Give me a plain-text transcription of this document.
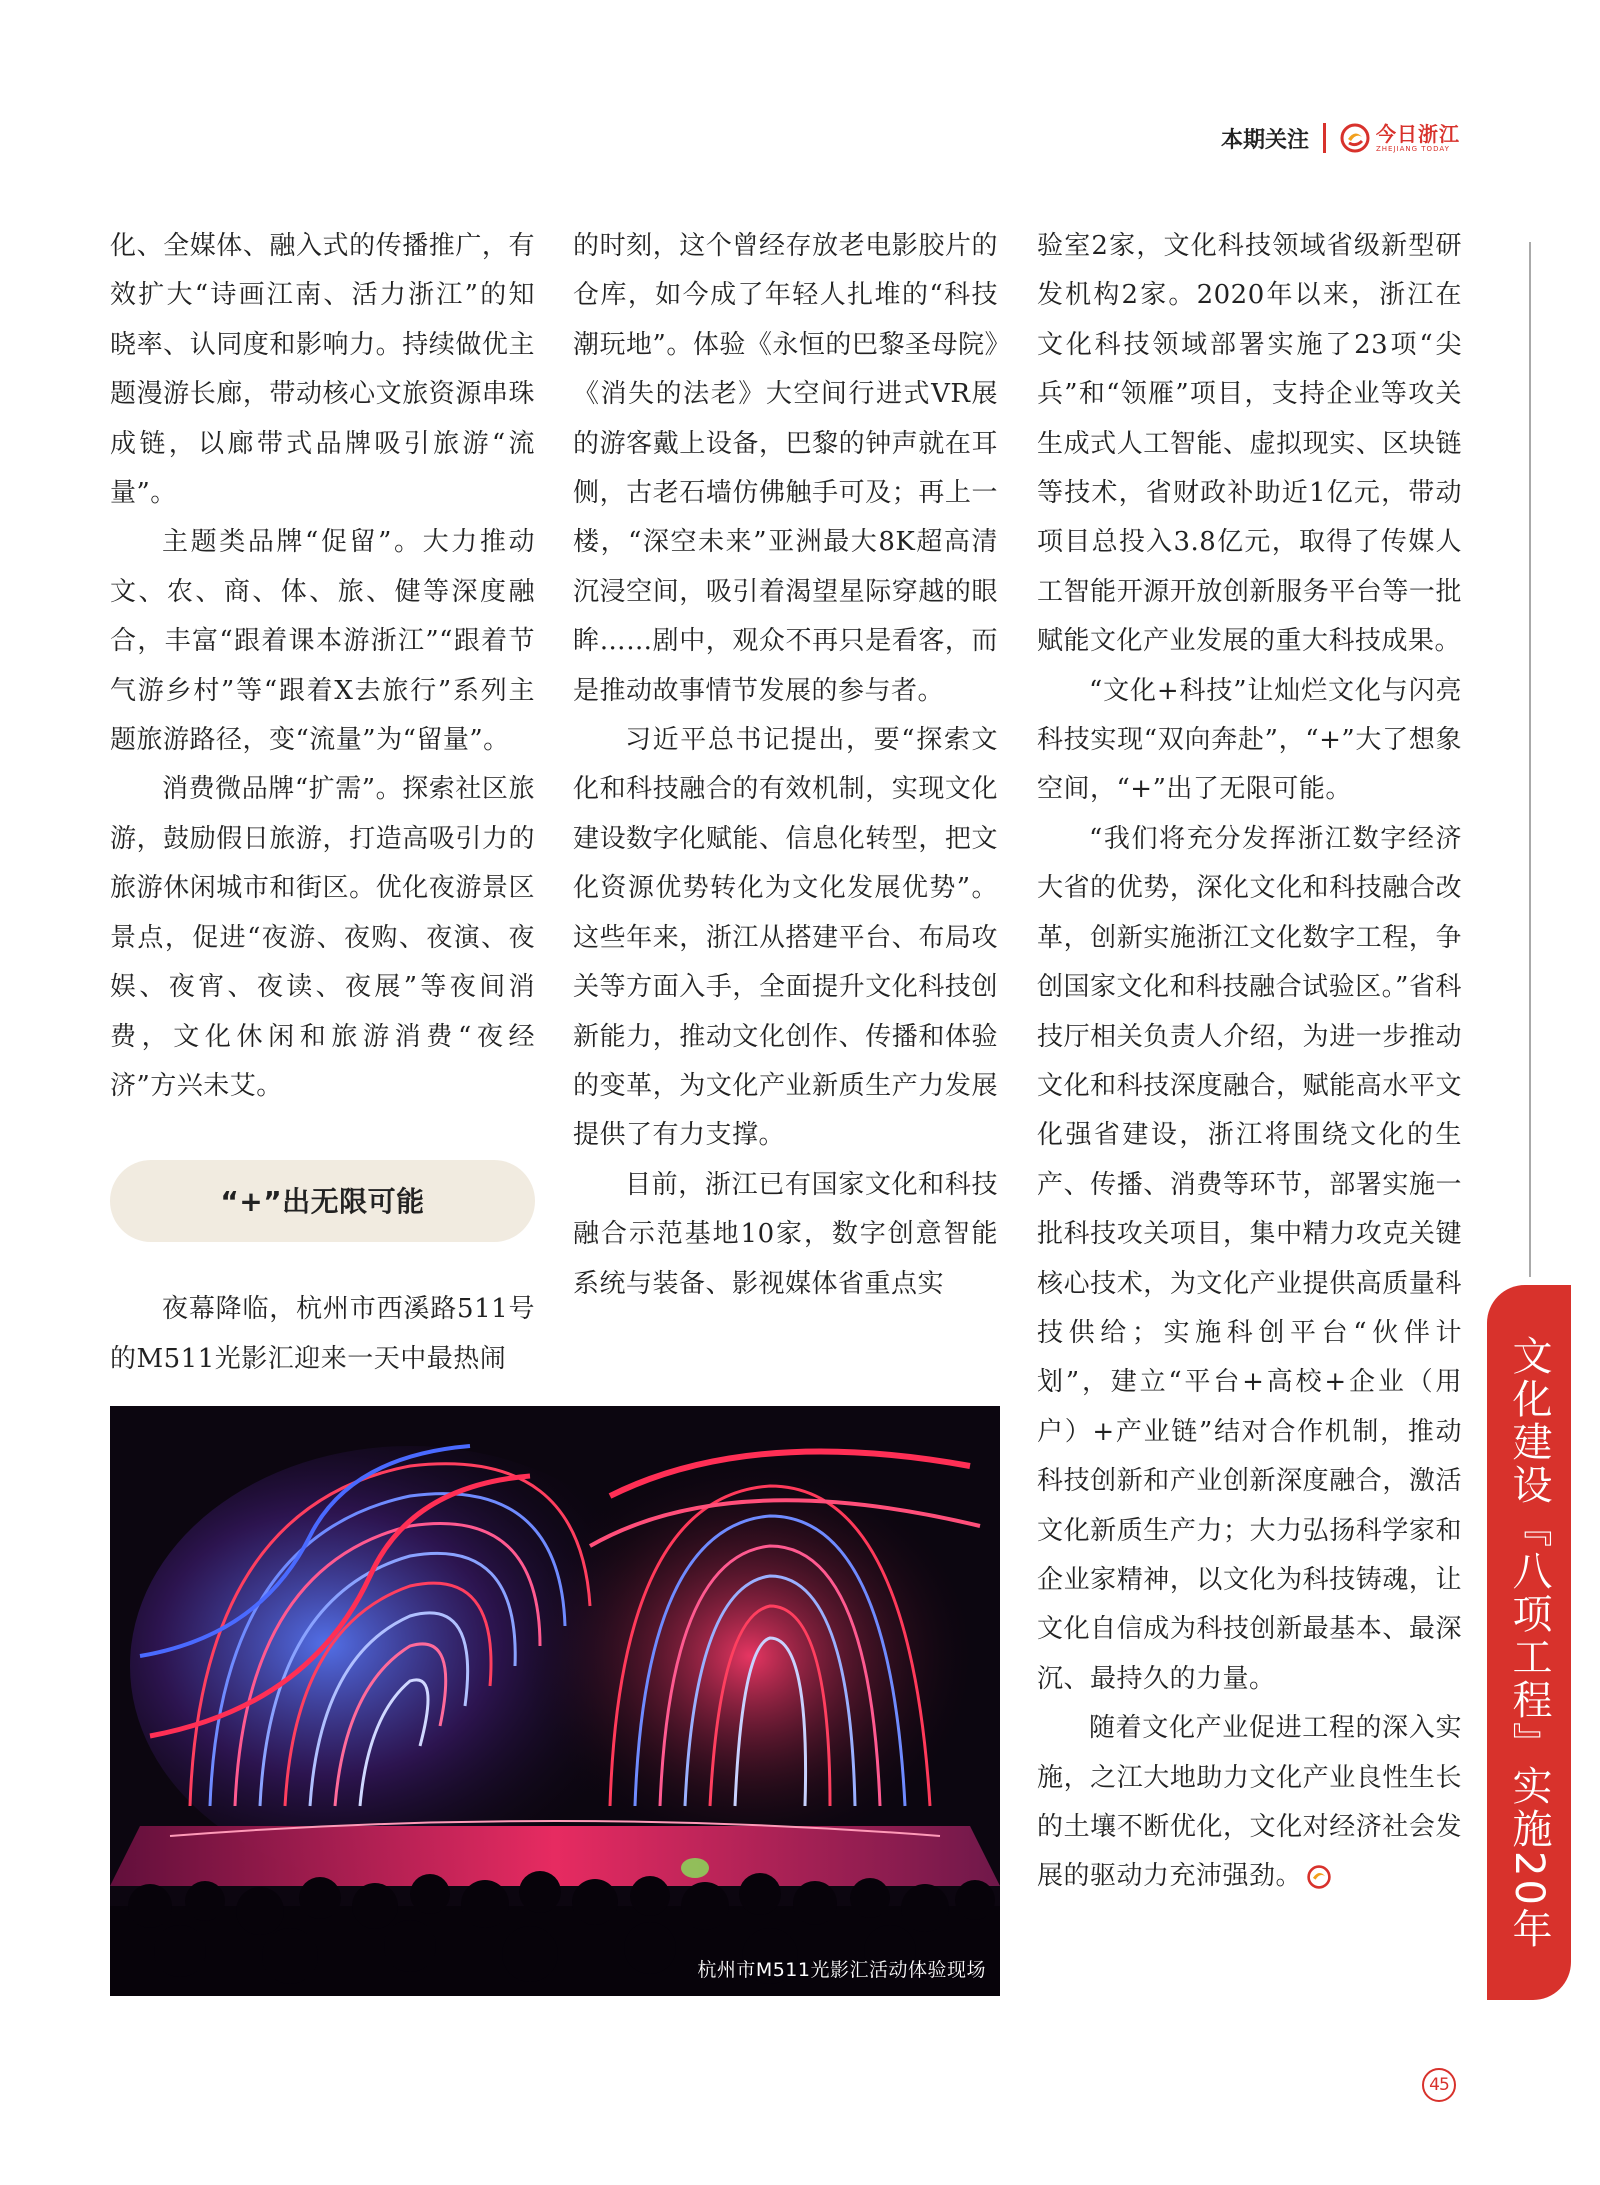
本期关注	今日浙江
ZHEJIANG TODAY

化、全媒体、融入式的传播推广，有效扩大“诗画江南、活力浙江”的知晓率、认同度和影响力。持续做优主题漫游长廊，带动核心文旅资源串珠成链，以廊带式品牌吸引旅游“流量”。

主题类品牌“促留”。大力推动文、农、商、体、旅、健等深度融合，丰富“跟着课本游浙江”“跟着节气游乡村”等“跟着X去旅行”系列主题旅游路径，变“流量”为“留量”。

消费微品牌“扩需”。探索社区旅游，鼓励假日旅游，打造高吸引力的旅游休闲城市和街区。优化夜游景区景点，促进“夜游、夜购、夜演、夜娱、夜宵、夜读、夜展”等夜间消费，文化休闲和旅游消费“夜经济”方兴未艾。

“+”出无限可能

夜幕降临，杭州市西溪路511号的M511光影汇迎来一天中最热闹

的时刻，这个曾经存放老电影胶片的仓库，如今成了年轻人扎堆的“科技潮玩地”。体验《永恒的巴黎圣母院》《消失的法老》大空间行进式VR展的游客戴上设备，巴黎的钟声就在耳侧，古老石墙仿佛触手可及；再上一楼，“深空未来”亚洲最大8K超高清沉浸空间，吸引着渴望星际穿越的眼眸……剧中，观众不再只是看客，而是推动故事情节发展的参与者。

习近平总书记提出，要“探索文化和科技融合的有效机制，实现文化建设数字化赋能、信息化转型，把文化资源优势转化为文化发展优势”。这些年来，浙江从搭建平台、布局攻关等方面入手，全面提升文化科技创新能力，推动文化创作、传播和体验的变革，为文化产业新质生产力发展提供了有力支撑。

目前，浙江已有国家文化和科技融合示范基地10家，数字创意智能系统与装备、影视媒体省重点实

验室2家，文化科技领域省级新型研发机构2家。2020年以来，浙江在文化科技领域部署实施了23项“尖兵”和“领雁”项目，支持企业等攻关生成式人工智能、虚拟现实、区块链等技术，省财政补助近1亿元，带动项目总投入3.8亿元，取得了传媒人工智能开源开放创新服务平台等一批赋能文化产业发展的重大科技成果。

“文化+科技”让灿烂文化与闪亮科技实现“双向奔赴”，“+”大了想象空间，“+”出了无限可能。

“我们将充分发挥浙江数字经济大省的优势，深化文化和科技融合改革，创新实施浙江文化数字工程，争创国家文化和科技融合试验区。”省科技厅相关负责人介绍，为进一步推动文化和科技深度融合，赋能高水平文化强省建设，浙江将围绕文化的生产、传播、消费等环节，部署实施一批科技攻关项目，集中精力攻克关键核心技术，为文化产业提供高质量科技供给；实施科创平台“伙伴计划”，建立“平台+高校+企业（用户）+产业链”结对合作机制，推动科技创新和产业创新深度融合，激活文化新质生产力；大力弘扬科学家和企业家精神，以文化为科技铸魂，让文化自信成为科技创新最基本、最深沉、最持久的力量。

随着文化产业促进工程的深入实施，之江大地助力文化产业良性生长的土壤不断优化，文化对经济社会发展的驱动力充沛强劲。

杭州市M511光影汇活动体验现场
文化建设『八项工程』实施20年
45
